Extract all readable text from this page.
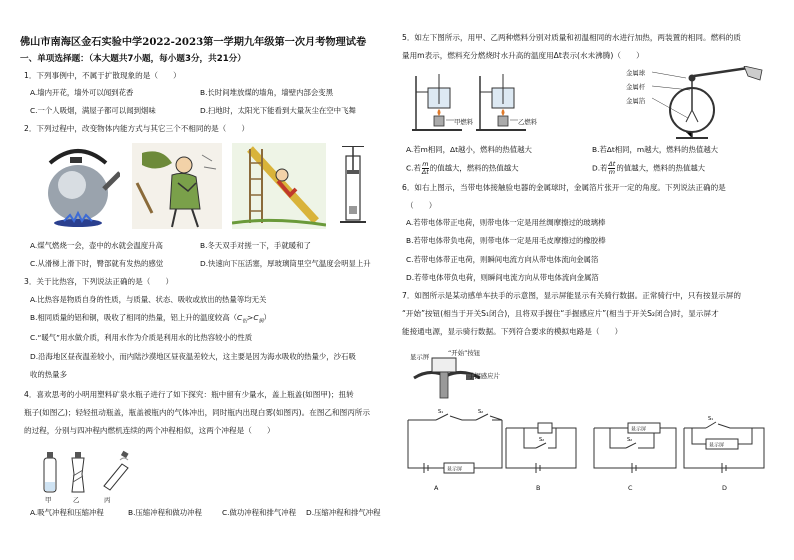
佛山市南海区金石实验中学2022-2023第一学期九年级第一次月考物理试卷
一、单项选择题：（本大题共7小题，每小题3分，共21分）
1．下列事例中，不属于扩散现象的是（　　）
A.墙内开花，墙外可以闻到花香	B.长时间堆放煤的墙角，墙壁内部会变黑
C.一个人吸烟，满屋子都可以闻到烟味	D.扫地时，太阳光下能看到大量灰尘在空中飞舞
2．下列过程中，改变物体内能方式与其它三个不相同的是（　　）
A.煤气燃烧一会，壶中的水就会温度升高	B.冬天双手对搓一下，手就暖和了
C.从滑梯上滑下时，臀部就有发热的感觉	D.快速向下压活塞，厚玻璃筒里空气温度会明显上升
3．关于比热容，下列说法正确的是（　　）
A.比热容是物质自身的性质，与质量、状态、吸收或放出的热量等均无关
B.相同质量的铝和铜，吸收了相同的热量，铝上升的温度较高$(C_铝>C_铜)$
C.“暖气”用水做介质，利用水作为介质是利用水的比热容较小的性质
D.沿海地区昼夜温差较小，而内陆沙漠地区昼夜温差较大，这主要是因为海水吸收的热量少，沙石吸
收的热量多
4．喜欢思考的小明用塑料矿泉水瓶子进行了如下探究：瓶中留有少量水，盖上瓶盖(如图甲)；扭转
瓶子(如图乙)；轻轻扭动瓶盖，瓶盖被瓶内的气体冲出，同时瓶内出现白雾(如图丙)。在图乙和图丙所示
的过程，分别与四冲程内燃机连续的两个冲程相似，这两个冲程是（　　）
甲	乙	丙
A.吸气冲程和压缩冲程	B.压缩冲程和做功冲程	C.做功冲程和排气冲程 D.压缩冲程和排气冲程
5．如左下图所示，用甲、乙两种燃料分别对质量和初温相同的水进行加热，两装置的相同。燃料的质
量用m表示，燃料充分燃烧时水升高的温度用Δt表示(水未沸腾)（　　）
甲燃料	乙燃料
金属球
金属杆
金属箔
A.若m相同，Δt越小，燃料的热值越大	B.若Δt相同，m越大，燃料的热值越大
C.若 $\frac{m}{\Delta t}$ 的值越大，燃料的热值越大	D.若 $\frac{\Delta t}{m}$ 的值越大，燃料的热值越大
6．如右上图示，当带电体接触验电器的金属球时，金属箔片张开一定的角度。下列说法正确的是
（　　）
A.若带电体带正电荷，则带电体一定是用丝绸摩擦过的玻璃棒
B.若带电体带负电荷，则带电体一定是用毛皮摩擦过的橡胶棒
C.若带电体带正电荷，则瞬间电流方向从带电体流向金属箔
D.若带电体带负电荷，则瞬间电流方向从带电体流向金属箔
7．如图所示是某动感单车扶手的示意图，显示屏能显示有关骑行数据。正常骑行中，只有按显示屏的
“开始”按钮(相当于开关S₁闭合)，且将双手握住“手握感应片”(相当于开关S₂闭合)时，显示屏才
能接通电源，显示骑行数据。下列符合要求的模拟电路是（　　）
显示屏	“开始”按钮
手握感应片
显示屏
S₁	S₂
S₂
显示屏
S₂
显示屏
S₁
A	B	C	D
